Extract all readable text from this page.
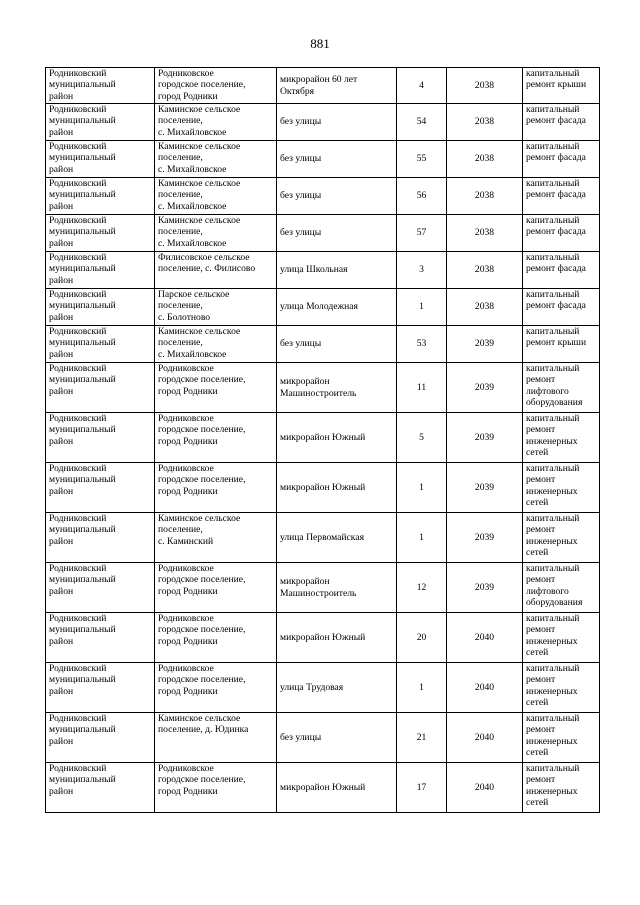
881
Родниковский
муниципальный
район	Родниковское
городское поселение,
город Родники	микрорайон 60 лет
Октября	4	2038	капитальный
ремонт крыши
Родниковский
муниципальный
район	Каминское сельское
поселение,
с. Михайловское	без улицы	54	2038	капитальный
ремонт фасада
Родниковский
муниципальный
район	Каминское сельское
поселение,
с. Михайловское	без улицы	55	2038	капитальный
ремонт фасада
Родниковский
муниципальный
район	Каминское сельское
поселение,
с. Михайловское	без улицы	56	2038	капитальный
ремонт фасада
Родниковский
муниципальный
район	Каминское сельское
поселение,
с. Михайловское	без улицы	57	2038	капитальный
ремонт фасада
Родниковский
муниципальный
район	Филисовское сельское
поселение, с. Филисово	улица Школьная	3	2038	капитальный
ремонт фасада
Родниковский
муниципальный
район	Парское сельское
поселение,
с. Болотново	улица Молодежная	1	2038	капитальный
ремонт фасада
Родниковский
муниципальный
район	Каминское сельское
поселение,
с. Михайловское	без улицы	53	2039	капитальный
ремонт крыши
Родниковский
муниципальный
район	Родниковское
городское поселение,
город Родники	микрорайон
Машиностроитель	11	2039	капитальный
ремонт
лифтового
оборудования
Родниковский
муниципальный
район	Родниковское
городское поселение,
город Родники	микрорайон Южный	5	2039	капитальный
ремонт
инженерных
сетей
Родниковский
муниципальный
район	Родниковское
городское поселение,
город Родники	микрорайон Южный	1	2039	капитальный
ремонт
инженерных
сетей
Родниковский
муниципальный
район	Каминское сельское
поселение,
с. Каминский	улица Первомайская	1	2039	капитальный
ремонт
инженерных
сетей
Родниковский
муниципальный
район	Родниковское
городское поселение,
город Родники	микрорайон
Машиностроитель	12	2039	капитальный
ремонт
лифтового
оборудования
Родниковский
муниципальный
район	Родниковское
городское поселение,
город Родники	микрорайон Южный	20	2040	капитальный
ремонт
инженерных
сетей
Родниковский
муниципальный
район	Родниковское
городское поселение,
город Родники	улица Трудовая	1	2040	капитальный
ремонт
инженерных
сетей
Родниковский
муниципальный
район	Каминское сельское
поселение, д. Юдинка	без улицы	21	2040	капитальный
ремонт
инженерных
сетей
Родниковский
муниципальный
район	Родниковское
городское поселение,
город Родники	микрорайон Южный	17	2040	капитальный
ремонт
инженерных
сетей
